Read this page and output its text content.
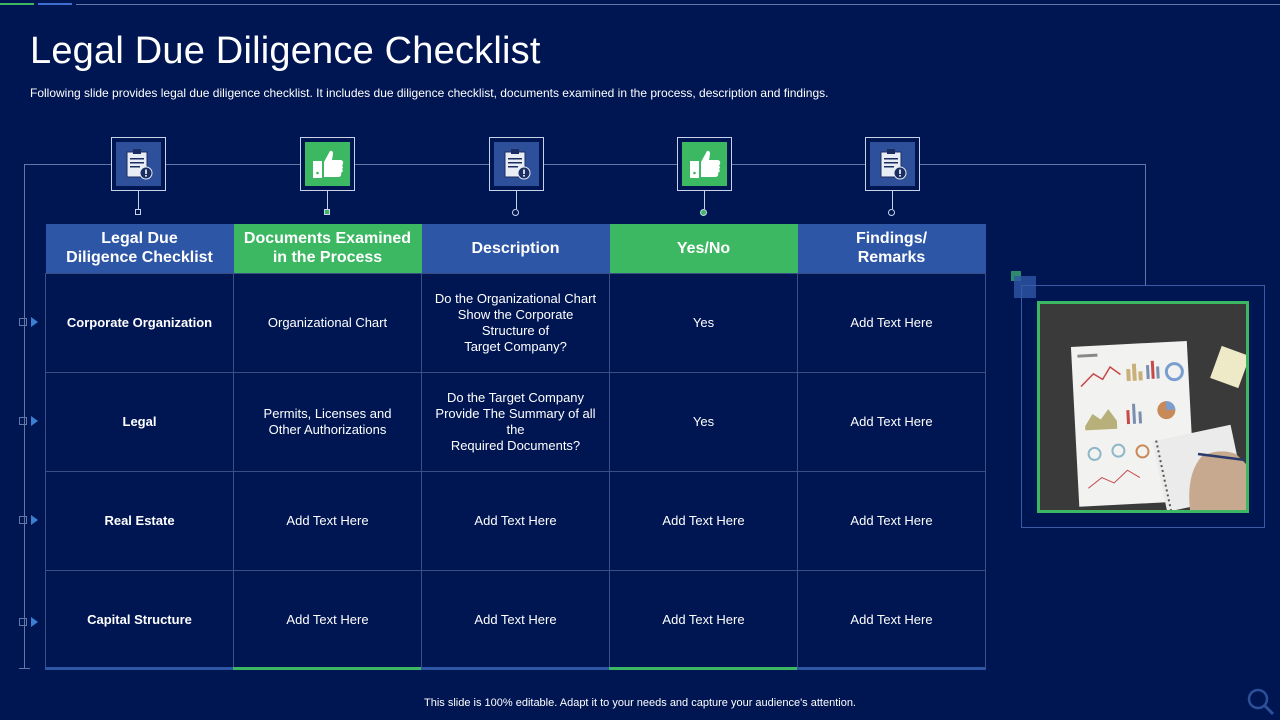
Legal Due Diligence Checklist
Following slide provides legal due diligence checklist. It includes due diligence checklist, documents examined in the process, description and findings.
Legal Due
Diligence Checklist	Documents Examined
in the Process	Description	Yes/No	Findings/
Remarks
Corporate Organization	Organizational Chart	Do the Organizational Chart
Show the Corporate
Structure of
Target Company?	Yes	Add Text Here
Legal	Permits, Licenses and
Other Authorizations	Do the Target Company
Provide The Summary of all
the
Required Documents?	Yes	Add Text Here
Real Estate	Add Text Here	Add Text Here	Add Text Here	Add Text Here
Capital Structure	Add Text Here	Add Text Here	Add Text Here	Add Text Here
This slide is 100% editable. Adapt it to your needs and capture your audience's attention.
